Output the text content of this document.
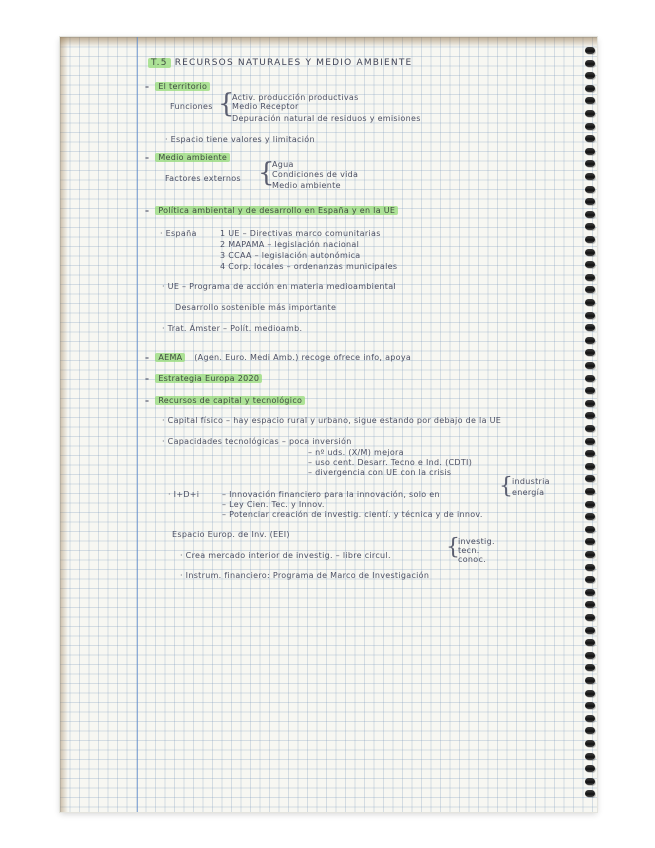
T.5 RECURSOS NATURALES Y MEDIO AMBIENTE
– El territorio
Funciones {
Activ. producción productivas
Medio Receptor
Depuración natural de residuos y emisiones
· Espacio tiene valores y limitación
– Medio ambiente
Factores externos {
Agua
Condiciones de vida
Medio ambiente
– Política ambiental y de desarrollo en España y en la UE
· España	1 UE – Directivas marco comunitarias
2 MAPAMA – legislación nacional
3 CCAA – legislación autonómica
4 Corp. locales – ordenanzas municipales
· UE – Programa de acción en materia medioambiental
Desarrollo sostenible más importante
· Trat. Ámster – Polít. medioamb.
– AEMA (Agen. Euro. Medi Amb.) recoge ofrece info, apoya
– Estrategia Europa 2020
– Recursos de capital y tecnológico
· Capital físico – hay espacio rural y urbano, sigue estando por debajo de la UE
· Capacidades tecnológicas – poca inversión
– nº uds. (X/M) mejora
– uso cent. Desarr. Tecno e Ind. (CDTI)
– divergencia con UE con la crisis
· I+D+i	– Innovación financiero para la innovación, solo en	{ industria
energía
– Ley Cien. Tec. y Innov.
– Potenciar creación de investig. cientí. y técnica y de innov.
Espacio Europ. de Inv. (EEI)
· Crea mercado interior de investig. – libre circul.	{
investig.
tecn.
conoc.
· Instrum. financiero: Programa de Marco de Investigación
